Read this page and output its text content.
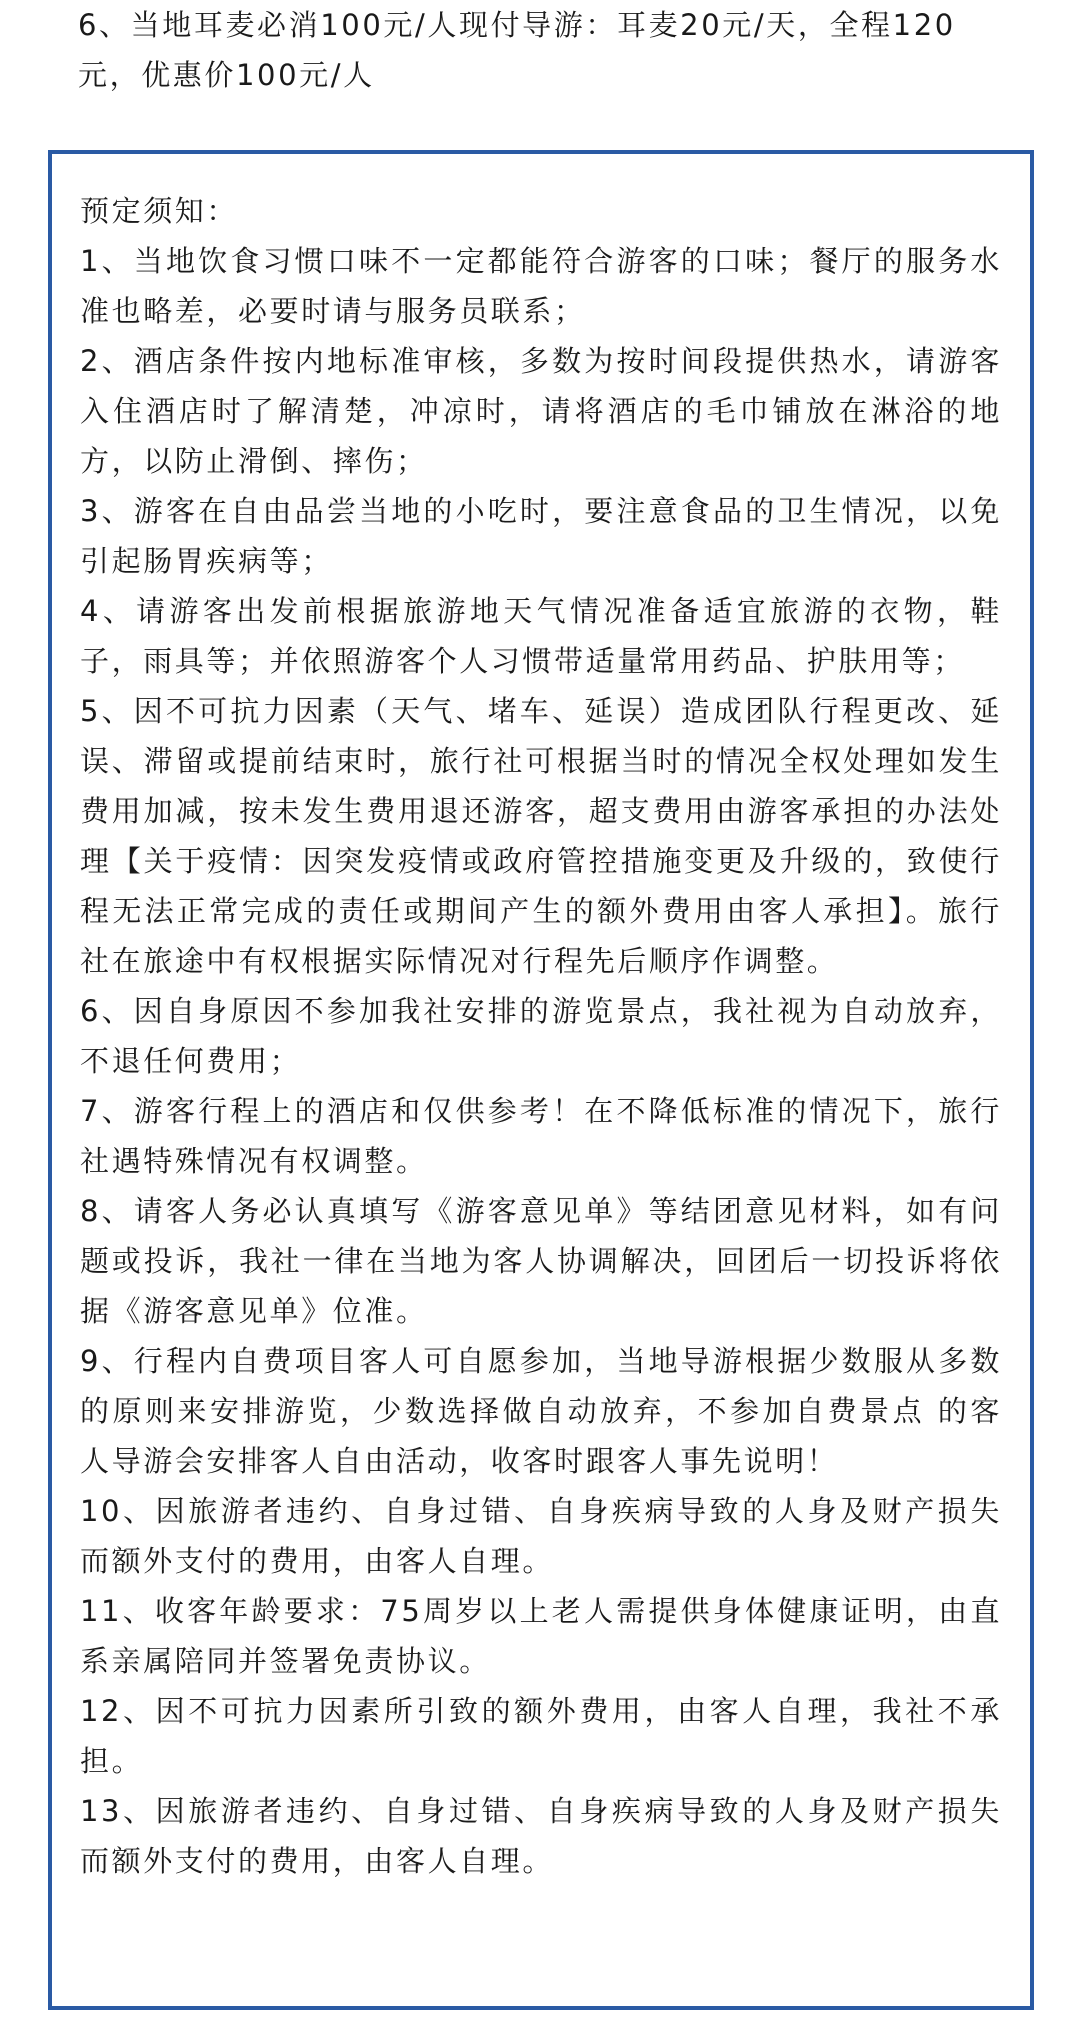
6、当地耳麦必消100元/人现付导游：耳麦20元/天，全程120元，优惠价100元/人

预定须知：
1、当地饮食习惯口味不一定都能符合游客的口味；餐厅的服务水准也略差，必要时请与服务员联系；
2、酒店条件按内地标准审核，多数为按时间段提供热水，请游客入住酒店时了解清楚，冲凉时，请将酒店的毛巾铺放在淋浴的地方，以防止滑倒、摔伤；
3、游客在自由品尝当地的小吃时，要注意食品的卫生情况，以免引起肠胃疾病等；
4、请游客出发前根据旅游地天气情况准备适宜旅游的衣物，鞋子，雨具等；并依照游客个人习惯带适量常用药品、护肤用等；
5、因不可抗力因素（天气、堵车、延误）造成团队行程更改、延误、滞留或提前结束时，旅行社可根据当时的情况全权处理如发生费用加减，按未发生费用退还游客，超支费用由游客承担的办法处理【关于疫情：因突发疫情或政府管控措施变更及升级的，致使行程无法正常完成的责任或期间产生的额外费用由客人承担】。旅行社在旅途中有权根据实际情况对行程先后顺序作调整。
6、因自身原因不参加我社安排的游览景点，我社视为自动放弃，不退任何费用；
7、游客行程上的酒店和仅供参考！在不降低标准的情况下，旅行社遇特殊情况有权调整。
8、请客人务必认真填写《游客意见单》等结团意见材料，如有问题或投诉，我社一律在当地为客人协调解决，回团后一切投诉将依据《游客意见单》位准。
9、行程内自费项目客人可自愿参加，当地导游根据少数服从多数的原则来安排游览，少数选择做自动放弃，不参加自费景点 的客人导游会安排客人自由活动，收客时跟客人事先说明！
10、因旅游者违约、自身过错、自身疾病导致的人身及财产损失而额外支付的费用，由客人自理。
11、收客年龄要求：75周岁以上老人需提供身体健康证明，由直系亲属陪同并签署免责协议。
12、因不可抗力因素所引致的额外费用，由客人自理，我社不承担。
13、因旅游者违约、自身过错、自身疾病导致的人身及财产损失而额外支付的费用，由客人自理。
